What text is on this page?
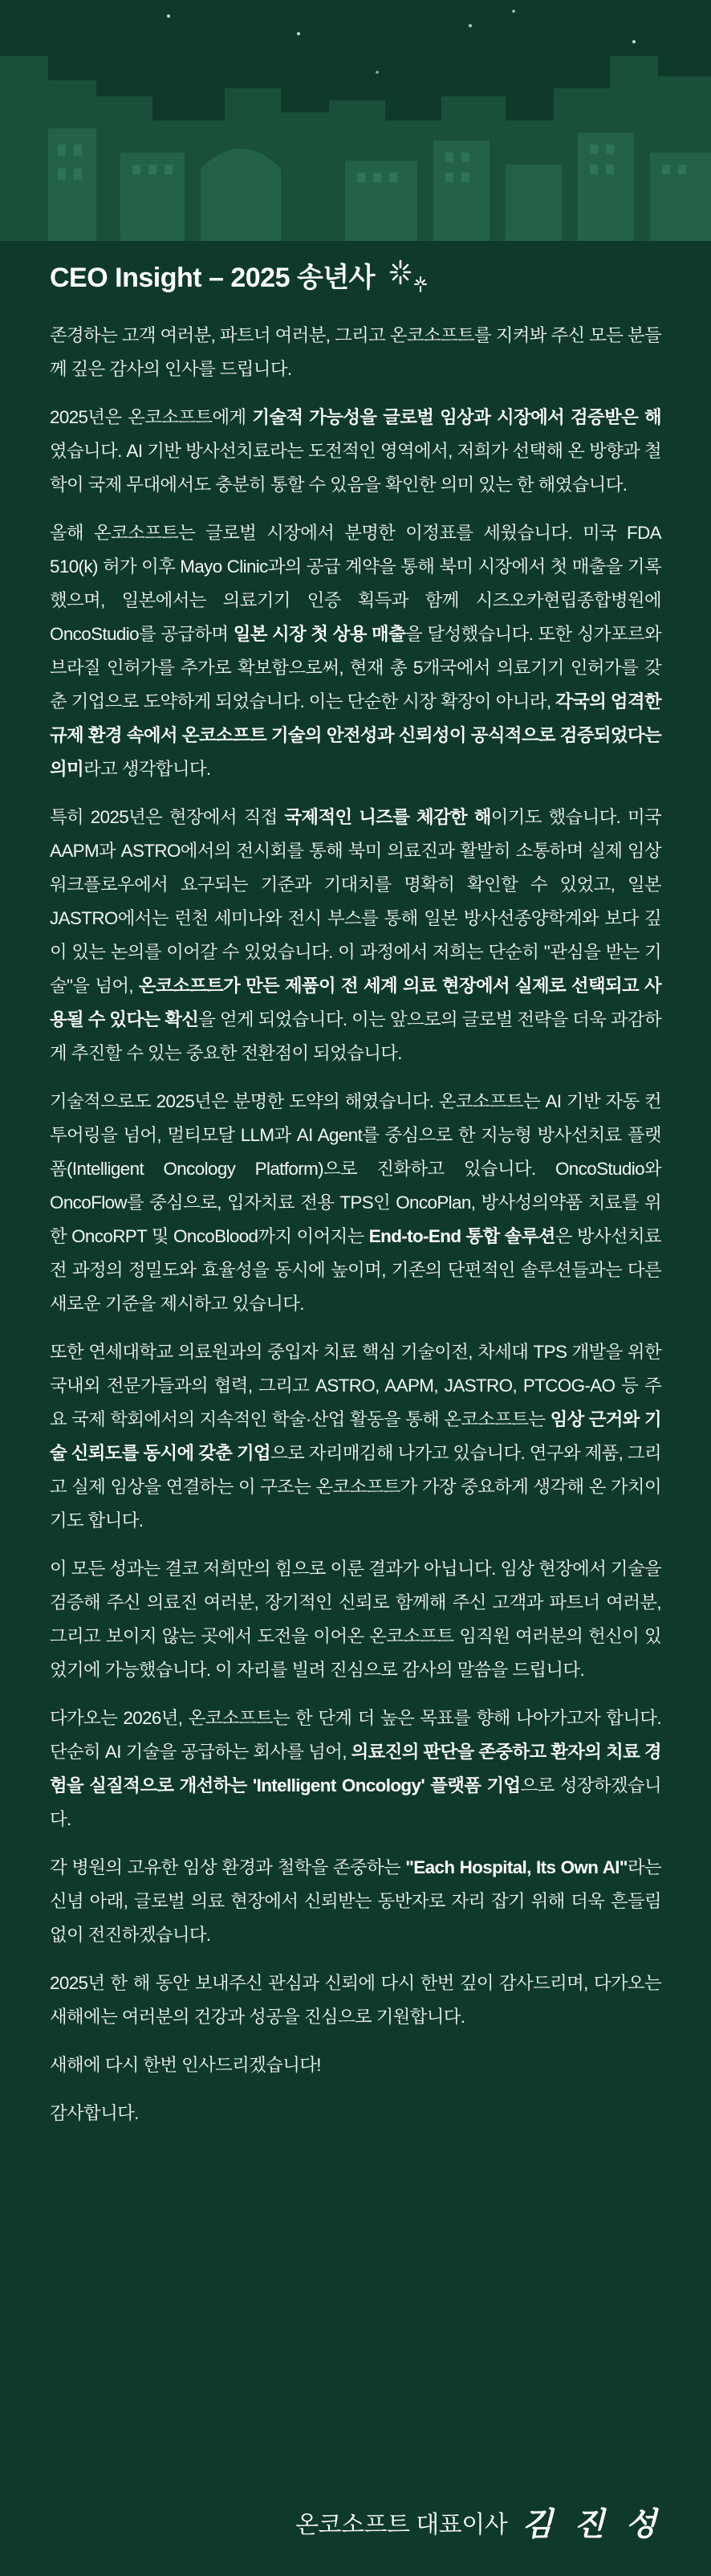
CEO Insight – 2025 송년사

존경하는 고객 여러분, 파트너 여러분, 그리고 온코소프트를 지켜봐 주신 모든 분들께 깊은 감사의 인사를 드립니다.

2025년은 온코소프트에게 기술적 가능성을 글로벌 임상과 시장에서 검증받은 해였습니다. AI 기반 방사선치료라는 도전적인 영역에서, 저희가 선택해 온 방향과 철학이 국제 무대에서도 충분히 통할 수 있음을 확인한 의미 있는 한 해였습니다.

올해 온코소프트는 글로벌 시장에서 분명한 이정표를 세웠습니다. 미국 FDA 510(k) 허가 이후 Mayo Clinic과의 공급 계약을 통해 북미 시장에서 첫 매출을 기록했으며, 일본에서는 의료기기 인증 획득과 함께 시즈오카현립종합병원에 OncoStudio를 공급하며 일본 시장 첫 상용 매출을 달성했습니다. 또한 싱가포르와 브라질 인허가를 추가로 확보함으로써, 현재 총 5개국에서 의료기기 인허가를 갖춘 기업으로 도약하게 되었습니다. 이는 단순한 시장 확장이 아니라, 각국의 엄격한 규제 환경 속에서 온코소프트 기술의 안전성과 신뢰성이 공식적으로 검증되었다는 의미라고 생각합니다.

특히 2025년은 현장에서 직접 국제적인 니즈를 체감한 해이기도 했습니다. 미국 AAPM과 ASTRO에서의 전시회를 통해 북미 의료진과 활발히 소통하며 실제 임상 워크플로우에서 요구되는 기준과 기대치를 명확히 확인할 수 있었고, 일본 JASTRO에서는 런천 세미나와 전시 부스를 통해 일본 방사선종양학계와 보다 깊이 있는 논의를 이어갈 수 있었습니다. 이 과정에서 저희는 단순히 "관심을 받는 기술"을 넘어, 온코소프트가 만든 제품이 전 세계 의료 현장에서 실제로 선택되고 사용될 수 있다는 확신을 얻게 되었습니다. 이는 앞으로의 글로벌 전략을 더욱 과감하게 추진할 수 있는 중요한 전환점이 되었습니다.

기술적으로도 2025년은 분명한 도약의 해였습니다. 온코소프트는 AI 기반 자동 컨투어링을 넘어, 멀티모달 LLM과 AI Agent를 중심으로 한 지능형 방사선치료 플랫폼(Intelligent Oncology Platform)으로 진화하고 있습니다. OncoStudio와 OncoFlow를 중심으로, 입자치료 전용 TPS인 OncoPlan, 방사성의약품 치료를 위한 OncoRPT 및 OncoBlood까지 이어지는 End-to-End 통합 솔루션은 방사선치료 전 과정의 정밀도와 효율성을 동시에 높이며, 기존의 단편적인 솔루션들과는 다른 새로운 기준을 제시하고 있습니다.

또한 연세대학교 의료원과의 중입자 치료 핵심 기술이전, 차세대 TPS 개발을 위한 국내외 전문가들과의 협력, 그리고 ASTRO, AAPM, JASTRO, PTCOG-AO 등 주요 국제 학회에서의 지속적인 학술·산업 활동을 통해 온코소프트는 임상 근거와 기술 신뢰도를 동시에 갖춘 기업으로 자리매김해 나가고 있습니다. 연구와 제품, 그리고 실제 임상을 연결하는 이 구조는 온코소프트가 가장 중요하게 생각해 온 가치이기도 합니다.

이 모든 성과는 결코 저희만의 힘으로 이룬 결과가 아닙니다. 임상 현장에서 기술을 검증해 주신 의료진 여러분, 장기적인 신뢰로 함께해 주신 고객과 파트너 여러분, 그리고 보이지 않는 곳에서 도전을 이어온 온코소프트 임직원 여러분의 헌신이 있었기에 가능했습니다. 이 자리를 빌려 진심으로 감사의 말씀을 드립니다.

다가오는 2026년, 온코소프트는 한 단계 더 높은 목표를 향해 나아가고자 합니다.단순히 AI 기술을 공급하는 회사를 넘어, 의료진의 판단을 존중하고 환자의 치료 경험을 실질적으로 개선하는 'Intelligent Oncology' 플랫폼 기업으로 성장하겠습니다.

각 병원의 고유한 임상 환경과 철학을 존중하는 "Each Hospital, Its Own AI"라는 신념 아래, 글로벌 의료 현장에서 신뢰받는 동반자로 자리 잡기 위해 더욱 흔들림 없이 전진하겠습니다.

2025년 한 해 동안 보내주신 관심과 신뢰에 다시 한번 깊이 감사드리며, 다가오는 새해에는 여러분의 건강과 성공을 진심으로 기원합니다.

새해에 다시 한번 인사드리겠습니다!

감사합니다.

온코소프트 대표이사 김 진 성
